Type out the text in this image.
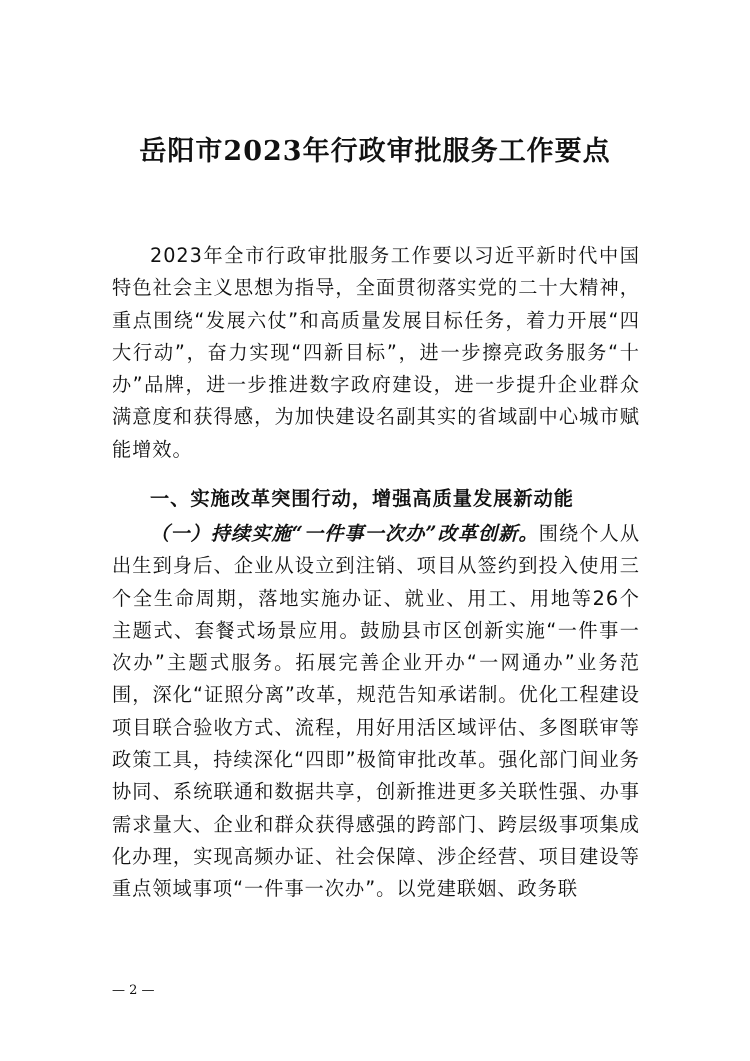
岳阳市2023年行政审批服务工作要点

2023年全市行政审批服务工作要以习近平新时代中国特色社会主义思想为指导，全面贯彻落实党的二十大精神，重点围绕“发展六仗”和高质量发展目标任务，着力开展“四大行动”，奋力实现“四新目标”，进一步擦亮政务服务“十办”品牌，进一步推进数字政府建设，进一步提升企业群众满意度和获得感，为加快建设名副其实的省域副中心城市赋能增效。

一、实施改革突围行动，增强高质量发展新动能

（一）持续实施“一件事一次办”改革创新。围绕个人从出生到身后、企业从设立到注销、项目从签约到投入使用三个全生命周期，落地实施办证、就业、用工、用地等26个主题式、套餐式场景应用。鼓励县市区创新实施“一件事一次办”主题式服务。拓展完善企业开办“一网通办”业务范围，深化“证照分离”改革，规范告知承诺制。优化工程建设项目联合验收方式、流程，用好用活区域评估、多图联审等政策工具，持续深化“四即”极简审批改革。强化部门间业务协同、系统联通和数据共享，创新推进更多关联性强、办事需求量大、企业和群众获得感强的跨部门、跨层级事项集成化办理，实现高频办证、社会保障、涉企经营、项目建设等重点领域事项“一件事一次办”。以党建联姻、政务联

— 2 —
